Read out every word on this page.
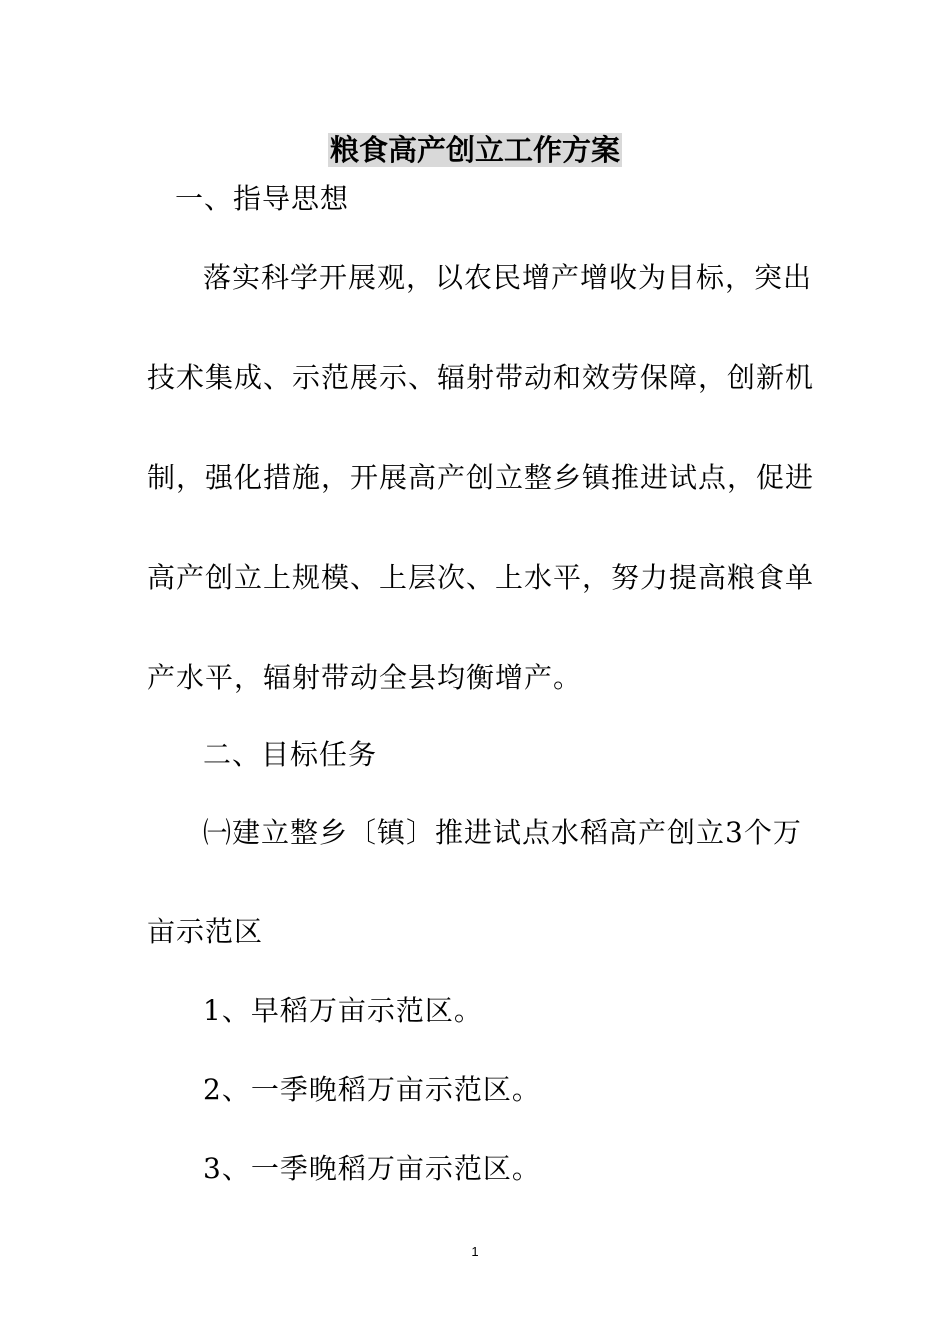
粮食高产创立工作方案
一、指导思想
落实科学开展观，以农民增产增收为目标，突出
技术集成、示范展示、辐射带动和效劳保障，创新机
制，强化措施，开展高产创立整乡镇推进试点，促进
高产创立上规模、上层次、上水平，努力提高粮食单
产水平，辐射带动全县均衡增产。
二、目标任务
㈠建立整乡〔镇〕推进试点水稻高产创立3个万
亩示范区
1、早稻万亩示范区。
2、一季晚稻万亩示范区。
3、一季晚稻万亩示范区。
1
